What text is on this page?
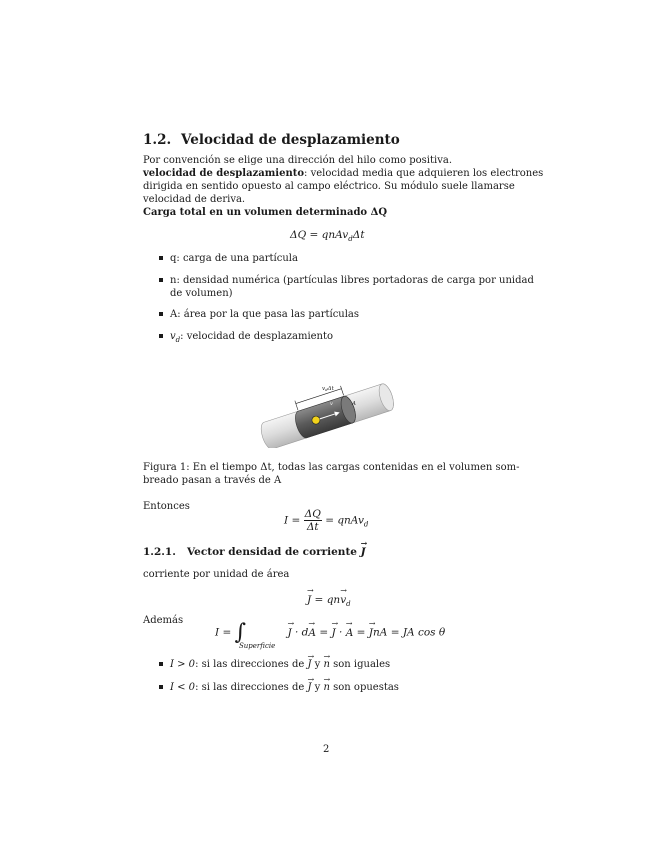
1.2. Velocidad de desplazamiento
Por convención se elige una dirección del hilo como positiva.
velocidad de desplazamiento: velocidad media que adquieren los electrones
dirigida en sentido opuesto al campo eléctrico. Su módulo suele llamarse
velocidad de deriva.
Carga total en un volumen determinado ΔQ
ΔQ = qnAv$_d$Δt
q: carga de una partícula
n: densidad numérica (partículas libres portadoras de carga por unidad
de volumen)
A: área por la que pasa las partículas
$v_d$: velocidad de desplazamiento
vdΔt
A
v
Figura 1: En el tiempo Δt, todas las cargas contenidas en el volumen som-
breado pasan a través de A
Entonces
$I = \frac{\Delta Q}{\Delta t}$ = qnAv$_d$
1.2.1. Vector densidad de corriente → J
corriente por unidad de área
→ $J = qn\to v_d$
Además
I = ∫
Superficie
→ J · d→ A = → J · → A = → JnA = JA cos θ
I > 0: si las direcciones de → J y → n son iguales
I < 0: si las direcciones de → J y → n son opuestas
2
